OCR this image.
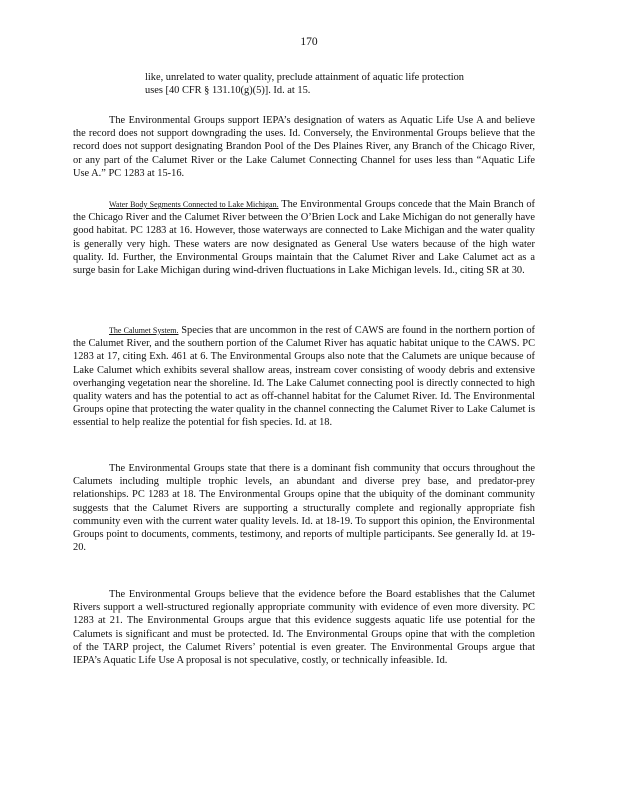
170

like, unrelated to water quality, preclude attainment of aquatic life protection uses [40 CFR § 131.10(g)(5)]. Id. at 15.

The Environmental Groups support IEPA’s designation of waters as Aquatic Life Use A and believe the record does not support downgrading the uses. Id. Conversely, the Environmental Groups believe that the record does not support designating Brandon Pool of the Des Plaines River, any Branch of the Chicago River, or any part of the Calumet River or the Lake Calumet Connecting Channel for uses less than “Aquatic Life Use A.” PC 1283 at 15-16.

Water Body Segments Connected to Lake Michigan. The Environmental Groups concede that the Main Branch of the Chicago River and the Calumet River between the O’Brien Lock and Lake Michigan do not generally have good habitat. PC 1283 at 16. However, those waterways are connected to Lake Michigan and the water quality is generally very high. These waters are now designated as General Use waters because of the high water quality. Id. Further, the Environmental Groups maintain that the Calumet River and Lake Calumet act as a surge basin for Lake Michigan during wind-driven fluctuations in Lake Michigan levels. Id., citing SR at 30.

The Calumet System. Species that are uncommon in the rest of CAWS are found in the northern portion of the Calumet River, and the southern portion of the Calumet River has aquatic habitat unique to the CAWS. PC 1283 at 17, citing Exh. 461 at 6. The Environmental Groups also note that the Calumets are unique because of Lake Calumet which exhibits several shallow areas, instream cover consisting of woody debris and extensive overhanging vegetation near the shoreline. Id. The Lake Calumet connecting pool is directly connected to high quality waters and has the potential to act as off-channel habitat for the Calumet River. Id. The Environmental Groups opine that protecting the water quality in the channel connecting the Calumet River to Lake Calumet is essential to help realize the potential for fish species. Id. at 18.

The Environmental Groups state that there is a dominant fish community that occurs throughout the Calumets including multiple trophic levels, an abundant and diverse prey base, and predator-prey relationships. PC 1283 at 18. The Environmental Groups opine that the ubiquity of the dominant community suggests that the Calumet Rivers are supporting a structurally complete and regionally appropriate fish community even with the current water quality levels. Id. at 18-19. To support this opinion, the Environmental Groups point to documents, comments, testimony, and reports of multiple participants. See generally Id. at 19-20.

The Environmental Groups believe that the evidence before the Board establishes that the Calumet Rivers support a well-structured regionally appropriate community with evidence of even more diversity. PC 1283 at 21. The Environmental Groups argue that this evidence suggests aquatic life use potential for the Calumets is significant and must be protected. Id. The Environmental Groups opine that with the completion of the TARP project, the Calumet Rivers’ potential is even greater. The Environmental Groups argue that IEPA’s Aquatic Life Use A proposal is not speculative, costly, or technically infeasible. Id.
